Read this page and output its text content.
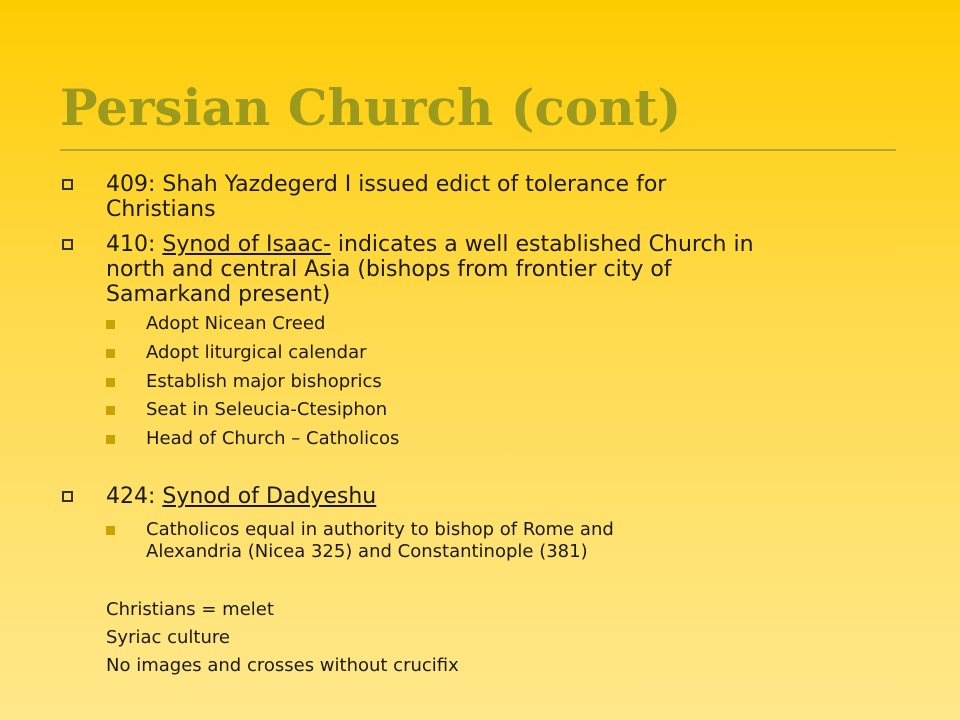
Persian Church (cont)
409: Shah Yazdegerd I issued edict of tolerance for
Christians
410: Synod of Isaac- indicates a well established Church in
north and central Asia (bishops from frontier city of
Samarkand present)
Adopt Nicean Creed
Adopt liturgical calendar
Establish major bishoprics
Seat in Seleucia-Ctesiphon
Head of Church – Catholicos
424: Synod of Dadyeshu
Catholicos equal in authority to bishop of Rome and
Alexandria (Nicea 325) and Constantinople (381)
Christians = melet
Syriac culture
No images and crosses without crucifix
